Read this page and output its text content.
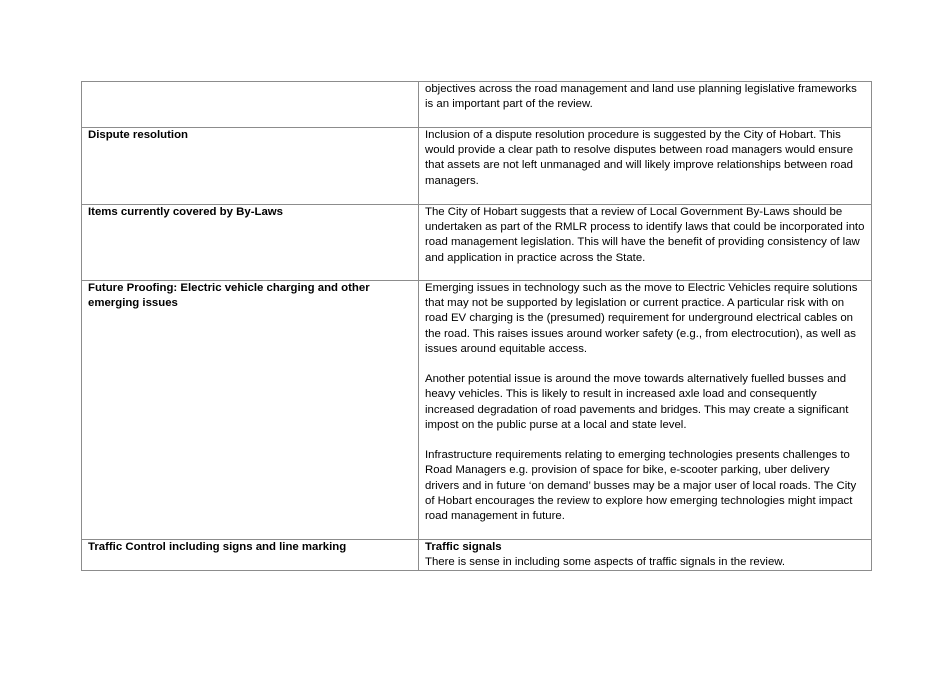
	objectives across the road management and land use planning legislative frameworks is an important part of the review.

Dispute resolution	Inclusion of a dispute resolution procedure is suggested by the City of Hobart. This would provide a clear path to resolve disputes between road managers would ensure that assets are not left unmanaged and will likely improve relationships between road managers.

Items currently covered by By-Laws	The City of Hobart suggests that a review of Local Government By-Laws should be undertaken as part of the RMLR process to identify laws that could be incorporated into road management legislation. This will have the benefit of providing consistency of law and application in practice across the State.

Future Proofing: Electric vehicle charging and other emerging issues	Emerging issues in technology such as the move to Electric Vehicles require solutions that may not be supported by legislation or current practice. A particular risk with on road EV charging is the (presumed) requirement for underground electrical cables on the road. This raises issues around worker safety (e.g., from electrocution), as well as issues around equitable access.

Another potential issue is around the move towards alternatively fuelled busses and heavy vehicles. This is likely to result in increased axle load and consequently increased degradation of road pavements and bridges. This may create a significant impost on the public purse at a local and state level.

Infrastructure requirements relating to emerging technologies presents challenges to Road Managers e.g. provision of space for bike, e-scooter parking, uber delivery drivers and in future ‘on demand’ busses may be a major user of local roads. The City of Hobart encourages the review to explore how emerging technologies might impact road management in future.

Traffic Control including signs and line marking	Traffic signals

There is sense in including some aspects of traffic signals in the review.
